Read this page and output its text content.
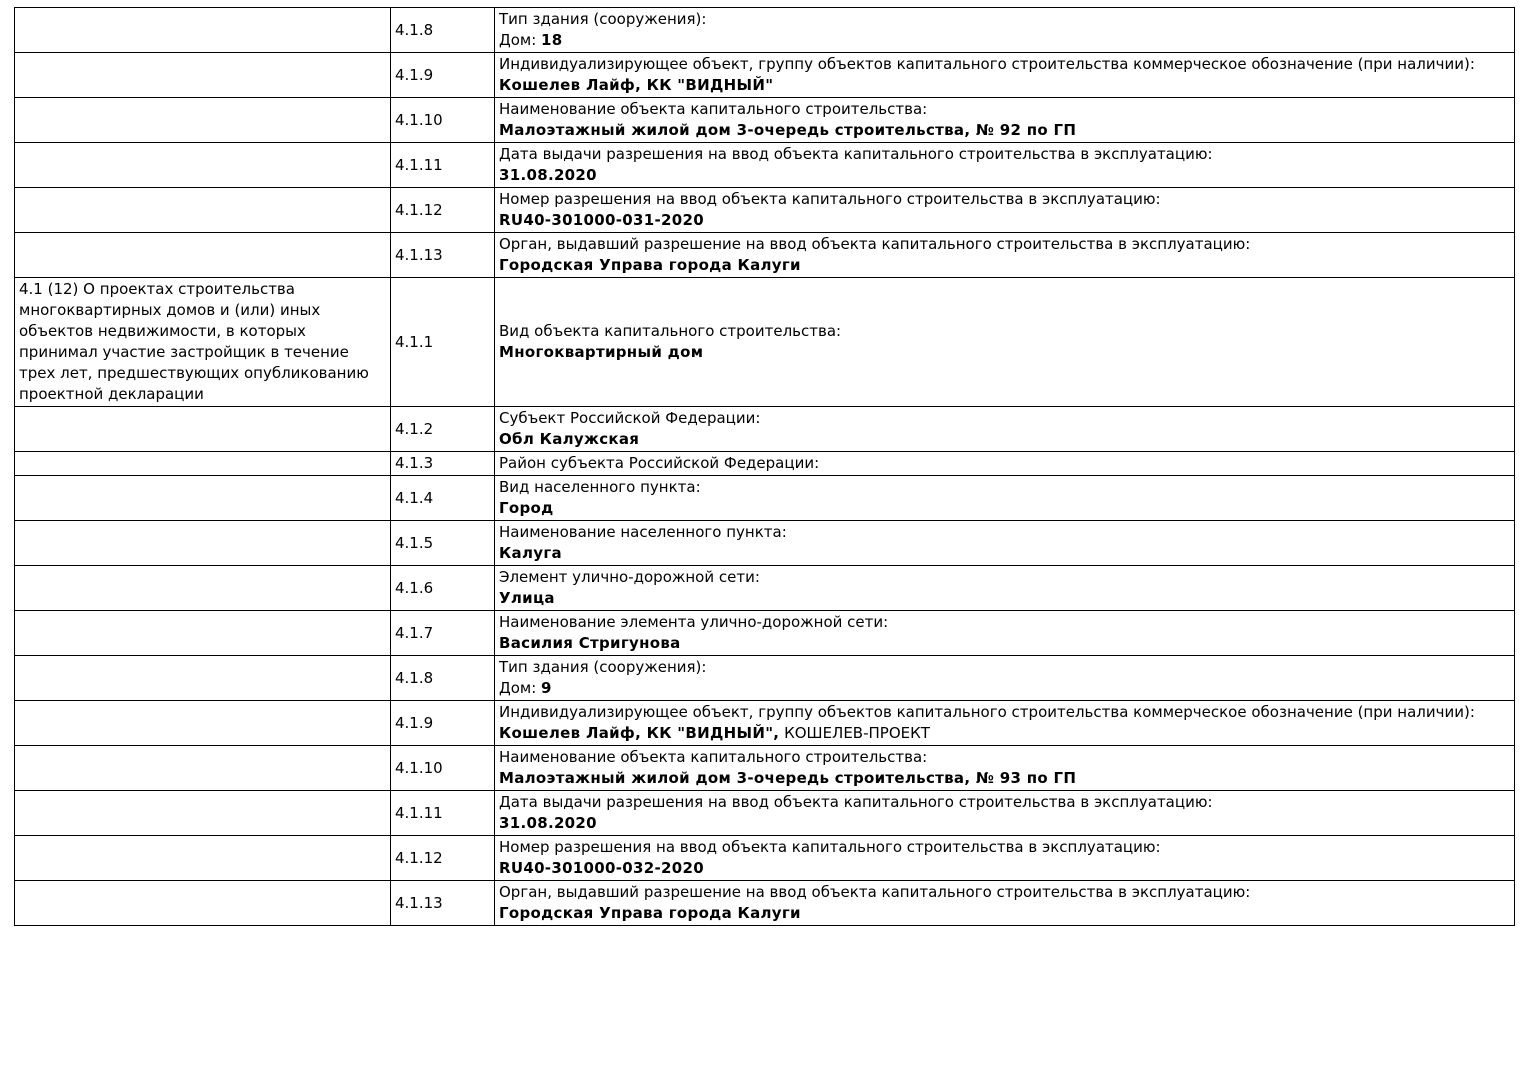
	4.1.8	Тип здания (сооружения):
Дом: 18

	4.1.9	Индивидуализирующее объект, группу объектов капитального строительства коммерческое обозначение (при наличии):
Кошелев Лайф, КК "ВИДНЫЙ"

	4.1.10	Наименование объекта капитального строительства:
Малоэтажный жилой дом 3-очередь строительства, № 92 по ГП

	4.1.11	Дата выдачи разрешения на ввод объекта капитального строительства в эксплуатацию:
31.08.2020

	4.1.12	Номер разрешения на ввод объекта капитального строительства в эксплуатацию:
RU40-301000-031-2020

	4.1.13	Орган, выдавший разрешение на ввод объекта капитального строительства в эксплуатацию:
Городская Управа города Калуги

4.1 (12) О проектах строительства многоквартирных домов и (или) иных объектов недвижимости, в которых принимал участие застройщик в течение трех лет, предшествующих опубликованию проектной декларации	4.1.1	Вид объекта капитального строительства:
Многоквартирный дом

	4.1.2	Субъект Российской Федерации:
Обл Калужская

	4.1.3	Район субъекта Российской Федерации:

	4.1.4	Вид населенного пункта:
Город

	4.1.5	Наименование населенного пункта:
Калуга

	4.1.6	Элемент улично-дорожной сети:
Улица

	4.1.7	Наименование элемента улично-дорожной сети:
Василия Стригунова

	4.1.8	Тип здания (сооружения):
Дом: 9

	4.1.9	Индивидуализирующее объект, группу объектов капитального строительства коммерческое обозначение (при наличии):
Кошелев Лайф, КК "ВИДНЫЙ", КОШЕЛЕВ-ПРОЕКТ

	4.1.10	Наименование объекта капитального строительства:
Малоэтажный жилой дом 3-очередь строительства, № 93 по ГП

	4.1.11	Дата выдачи разрешения на ввод объекта капитального строительства в эксплуатацию:
31.08.2020

	4.1.12	Номер разрешения на ввод объекта капитального строительства в эксплуатацию:
RU40-301000-032-2020

	4.1.13	Орган, выдавший разрешение на ввод объекта капитального строительства в эксплуатацию:
Городская Управа города Калуги
